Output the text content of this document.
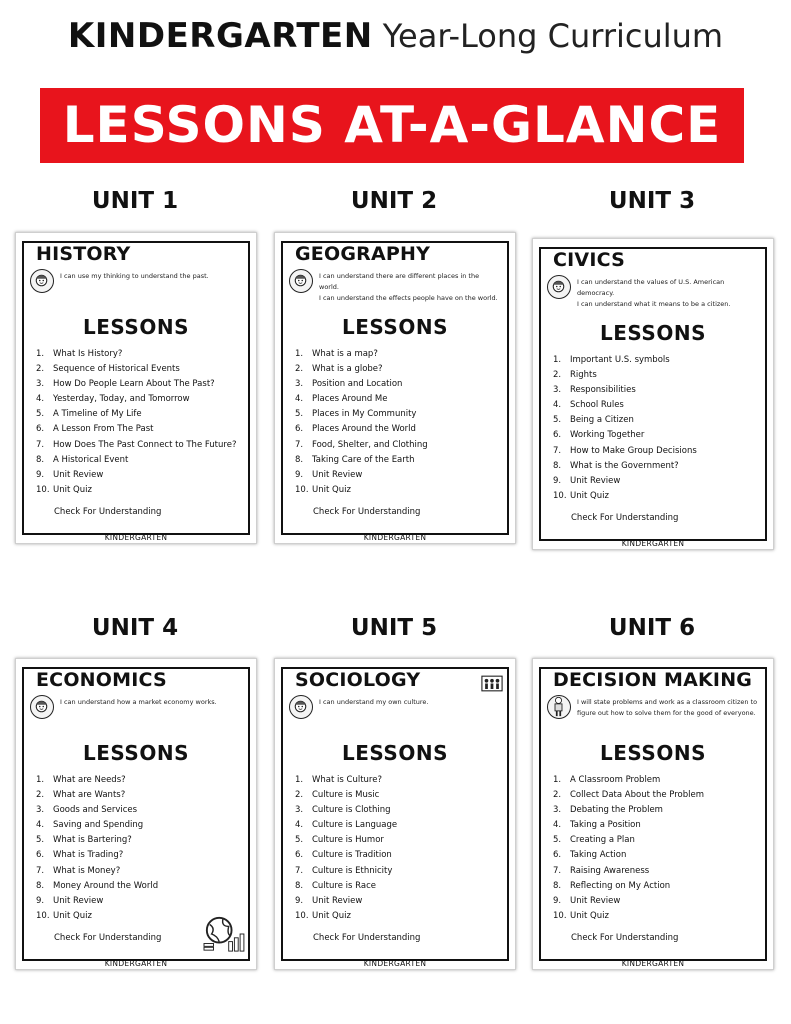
KINDERGARTEN Year-Long Curriculum
LESSONS AT-A-GLANCE
UNIT 1
HISTORY
I can use my thinking to understand the past.
LESSONS
1. What Is History?
2. Sequence of Historical Events
3. How Do People Learn About The Past?
4. Yesterday, Today, and Tomorrow
5. A Timeline of My Life
6. A Lesson From The Past
7. How Does The Past Connect to The Future?
8. A Historical Event
9. Unit Review
10. Unit Quiz
Check For Understanding
KINDERGARTEN
UNIT 2
GEOGRAPHY
I can understand there are different places in the world.
I can understand the effects people have on the world.
LESSONS
1. What is a map?
2. What is a globe?
3. Position and Location
4. Places Around Me
5. Places in My Community
6. Places Around the World
7. Food, Shelter, and Clothing
8. Taking Care of the Earth
9. Unit Review
10. Unit Quiz
Check For Understanding
KINDERGARTEN
UNIT 3
CIVICS
I can understand the values of U.S. American democracy.
I can understand what it means to be a citizen.
LESSONS
1. Important U.S. symbols
2. Rights
3. Responsibilities
4. School Rules
5. Being a Citizen
6. Working Together
7. How to Make Group Decisions
8. What is the Government?
9. Unit Review
10. Unit Quiz
Check For Understanding
KINDERGARTEN
UNIT 4
ECONOMICS
I can understand how a market economy works.
LESSONS
1. What are Needs?
2. What are Wants?
3. Goods and Services
4. Saving and Spending
5. What is Bartering?
6. What is Trading?
7. What is Money?
8. Money Around the World
9. Unit Review
10. Unit Quiz
Check For Understanding
KINDERGARTEN
UNIT 5
SOCIOLOGY
I can understand my own culture.
LESSONS
1. What is Culture?
2. Culture is Music
3. Culture is Clothing
4. Culture is Language
5. Culture is Humor
6. Culture is Tradition
7. Culture is Ethnicity
8. Culture is Race
9. Unit Review
10. Unit Quiz
Check For Understanding
KINDERGARTEN
UNIT 6
DECISION MAKING
I will state problems and work as a classroom citizen to
figure out how to solve them for the good of everyone.
LESSONS
1. A Classroom Problem
2. Collect Data About the Problem
3. Debating the Problem
4. Taking a Position
5. Creating a Plan
6. Taking Action
7. Raising Awareness
8. Reflecting on My Action
9. Unit Review
10. Unit Quiz
Check For Understanding
KINDERGARTEN
